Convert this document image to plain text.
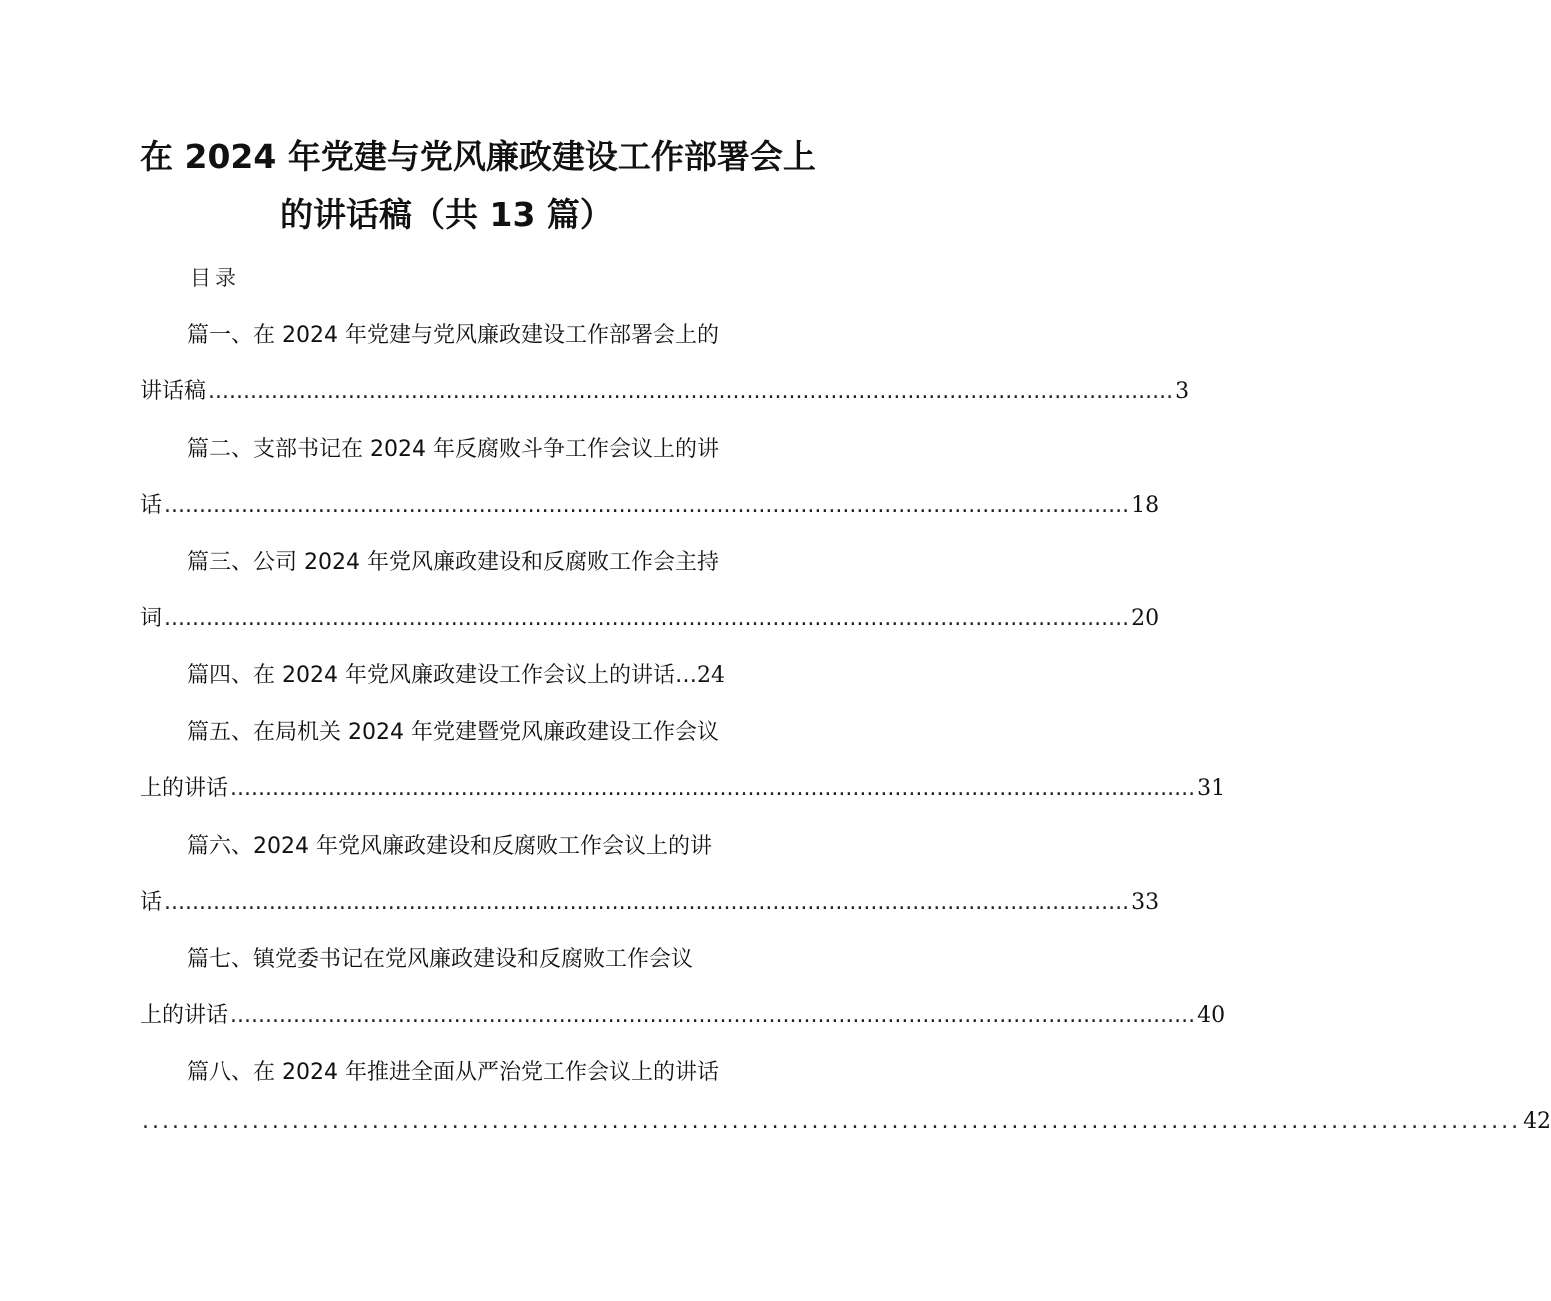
在 2024 年党建与党风廉政建设工作部署会上
的讲话稿（共 13 篇）
目录
篇一、在 2024 年党建与党风廉政建设工作部署会上的
讲话稿 .......................................................................................................................................... 3
篇二、支部书记在 2024 年反腐败斗争工作会议上的讲
话 .......................................................................................................................................... 18
篇三、公司 2024 年党风廉政建设和反腐败工作会主持
词 .......................................................................................................................................... 20
篇四、在 2024 年党风廉政建设工作会议上的讲话…24
篇五、在局机关 2024 年党建暨党风廉政建设工作会议
上的讲话 .......................................................................................................................................... 31
篇六、2024 年党风廉政建设和反腐败工作会议上的讲
话 .......................................................................................................................................... 33
篇七、镇党委书记在党风廉政建设和反腐败工作会议
上的讲话 .......................................................................................................................................... 40
篇八、在 2024 年推进全面从严治党工作会议上的讲话
.......................................................................................................................................... 42
